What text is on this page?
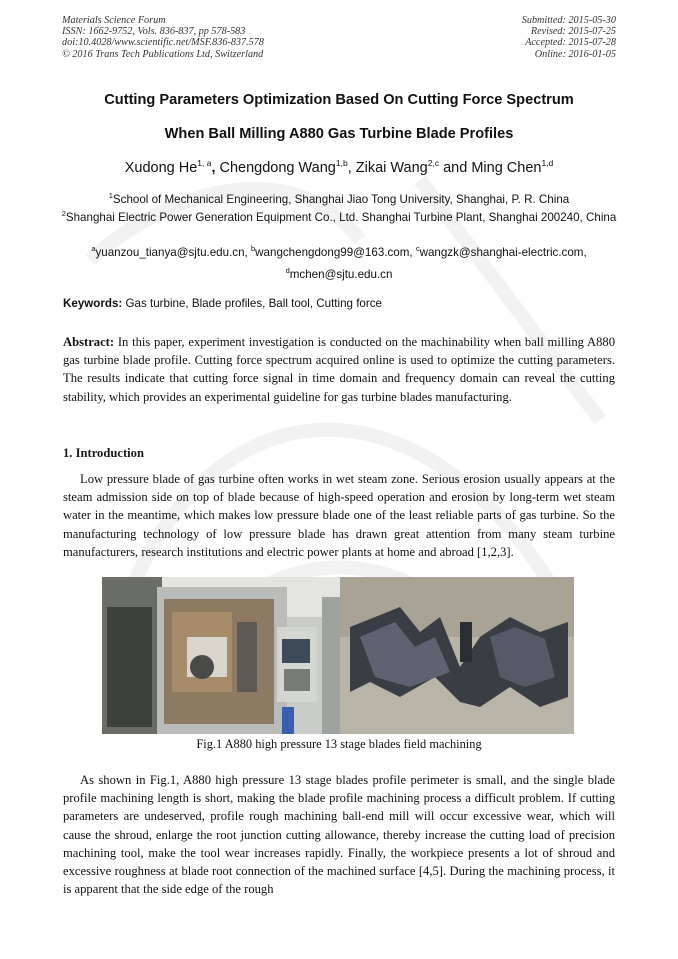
Materials Science Forum
ISSN: 1662-9752, Vols. 836-837, pp 578-583
doi:10.4028/www.scientific.net/MSF.836-837.578
© 2016 Trans Tech Publications Ltd, Switzerland
Submitted: 2015-05-30
Revised: 2015-07-25
Accepted: 2015-07-28
Online: 2016-01-05
Cutting Parameters Optimization Based On Cutting Force Spectrum
When Ball Milling A880 Gas Turbine Blade Profiles
Xudong He$^{1, a}$, Chengdong Wang$^{1,b}$, Zikai Wang$^{2,c}$ and Ming Chen$^{1,d}$
$^1$School of Mechanical Engineering, Shanghai Jiao Tong University, Shanghai, P. R. China
$^2$Shanghai Electric Power Generation Equipment Co., Ltd. Shanghai Turbine Plant, Shanghai 200240, China
$^a$yuanzou_tianya@sjtu.edu.cn, $^b$wangchengdong99@163.com, $^c$wangzk@shanghai-electric.com,
$^d$mchen@sjtu.edu.cn
Keywords: Gas turbine, Blade profiles, Ball tool, Cutting force
Abstract: In this paper, experiment investigation is conducted on the machinability when ball milling A880 gas turbine blade profile. Cutting force spectrum acquired online is used to optimize the cutting parameters. The results indicate that cutting force signal in time domain and frequency domain can reveal the cutting stability, which provides an experimental guideline for gas turbine blades manufacturing.
1. Introduction
Low pressure blade of gas turbine often works in wet steam zone. Serious erosion usually appears at the steam admission side on top of blade because of high-speed operation and erosion by long-term wet steam water in the meantime, which makes low pressure blade one of the least reliable parts of gas turbine. So the manufacturing technology of low pressure blade has drawn great attention from many steam turbine manufacturers, research institutions and electric power plants at home and abroad [1,2,3].
Fig.1 A880 high pressure 13 stage blades field machining
As shown in Fig.1, A880 high pressure 13 stage blades profile perimeter is small, and the single blade profile machining length is short, making the blade profile machining process a difficult problem. If cutting parameters are undeserved, profile rough machining ball-end mill will occur excessive wear, which will cause the shroud, enlarge the root junction cutting allowance, thereby increase the cutting load of precision machining tool, make the tool wear increases rapidly. Finally, the workpiece presents a lot of shroud and excessive roughness at blade root connection of the machined surface [4,5]. During the machining process, it is apparent that the side edge of the rough
